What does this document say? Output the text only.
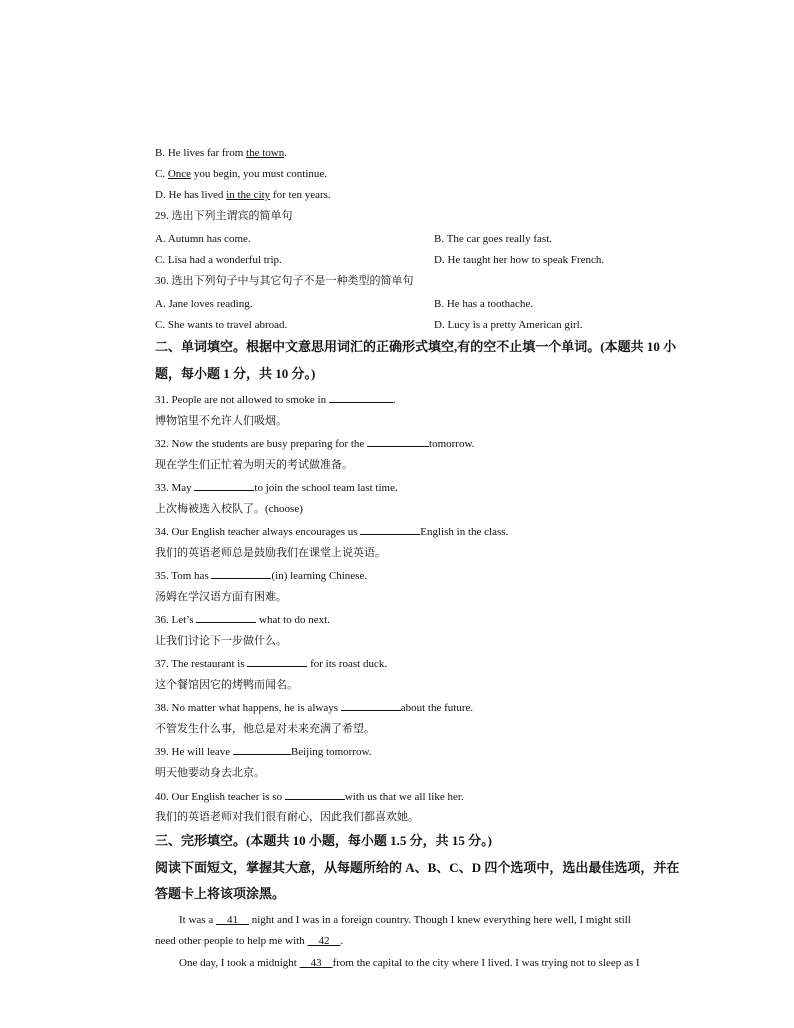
B. He lives far from the town.
C. Once you begin, you must continue.
D. He has lived in the city for ten years.
29. 选出下列主谓宾的简单句
A. Autumn has come.	B. The car goes really fast.
C. Lisa had a wonderful trip.	D. He taught her how to speak French.
30. 选出下列句子中与其它句子不是一种类型的简单句
A. Jane loves reading.	B. He has a toothache.
C. She wants to travel abroad.	D. Lucy is a pretty American girl.
二、单词填空。根据中文意思用词汇的正确形式填空,有的空不止填一个单词。(本题共 10 小
题，每小题 1 分，共 10 分。)
31. People are not allowed to smoke in	.
博物馆里不允许人们吸烟。
32. Now the students are busy preparing for the	tomorrow.
现在学生们正忙着为明天的考试做准备。
33. May	to join the school team last time.
上次梅被选入校队了。(choose)
34. Our English teacher always encourages us	English in the class.
我们的英语老师总是鼓励我们在课堂上说英语。
35. Tom has	(in) learning Chinese.
汤姆在学汉语方面有困难。
36. Let’s	what to do next.
让我们讨论下一步做什么。
37. The restaurant is	for its roast duck.
这个餐馆因它的烤鸭而闻名。
38. No matter what happens, he is always	about the future.
不管发生什么事，他总是对未来充满了希望。
39. He will leave	Beijing tomorrow.
明天他要动身去北京。
40. Our English teacher is so	with us that we all like her.
我们的英语老师对我们很有耐心，因此我们都喜欢她。
三、完形填空。(本题共 10 小题，每小题 1.5 分，共 15 分。)
阅读下面短文，掌握其大意，从每题所给的 A、B、C、D 四个选项中，选出最佳选项，并在
答题卡上将该项涂黑。
It was a     41     night and I was in a foreign country. Though I knew everything here well, I might still
need other people to help me with     42     .
One day, I took a midnight     43     from the capital to the city where I lived. I was trying not to sleep as I
